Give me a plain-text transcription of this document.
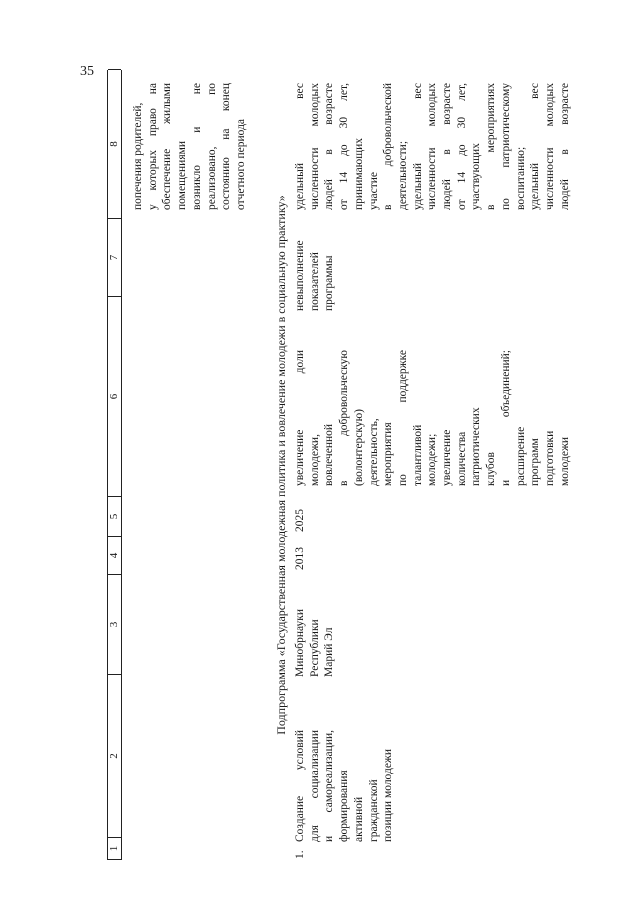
35
1
2
3
4
5
6
7
8 попечения родителей, у которых право на обеспечение жилыми помещениями возникло и не реализовано, по состоянию на конец отчетного периода
Подпрограмма «Государственная молодежная политика и вовлечение молодежи в социальную практику»
1.
Создание условий для социализации и самореализации, формирования активной гражданской позиции молодежи
Минобрнауки Республики Марий Эл
2013
2025
увеличение доли молодежи, вовлеченной в добровольческую (волонтерскую) деятельность, мероприятия по поддержке талантливой молодежи; увеличение количества патриотических клубов и объединений; расширение программ подготовки молодежи
невыполнение показателей программы
удельный вес численности молодых людей в возрасте от 14 до 30 лет, принимающих участие в добровольческой деятельности; удельный вес численности молодых людей в возрасте от 14 до 30 лет, участвующих в мероприятиях по патриотическому воспитанию; удельный вес численности молодых людей в возрасте
